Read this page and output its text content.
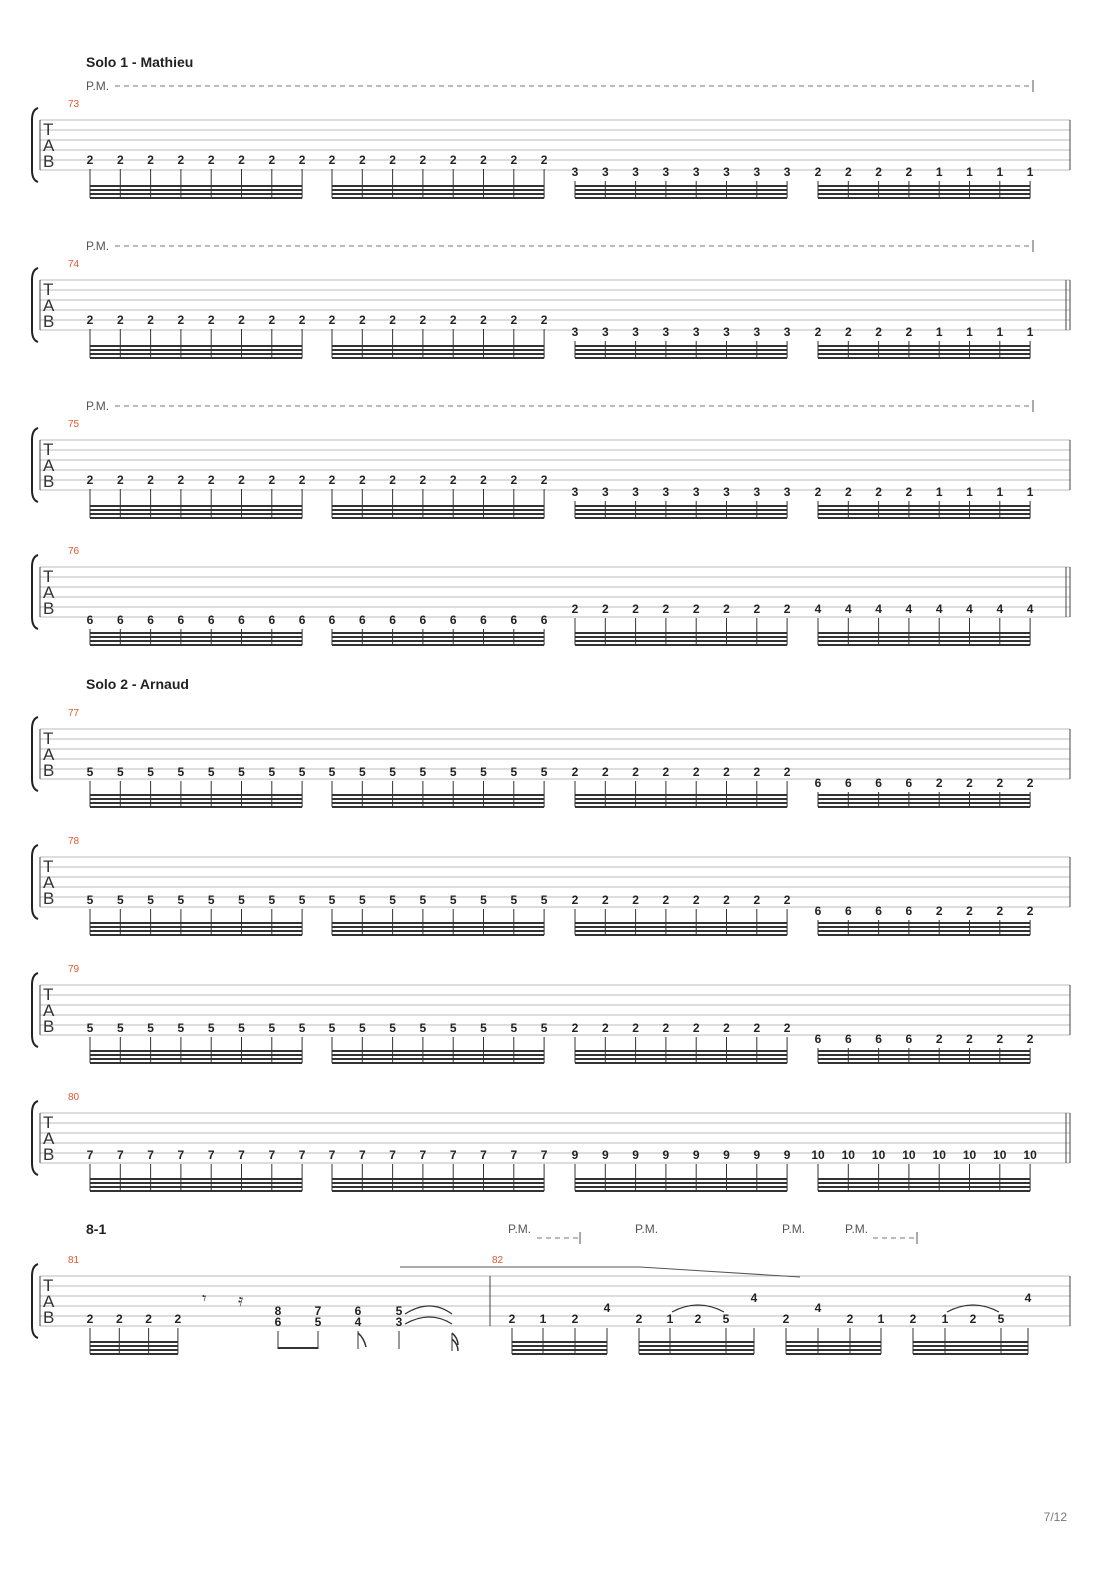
P.M.
73
T
A
B	2 2 2 2 2 2 2 2 2 2 2 2 2 2 2 2
3 3 3 3 3 3 3 3 2 2 2 2 1 1 1 1
P.M.
74
T
A
B	2 2 2 2 2 2 2 2 2 2 2 2 2 2 2 2
3 3 3 3 3 3 3 3 2 2 2 2 1 1 1 1
P.M.
75
T
A
B	2 2 2 2 2 2 2 2 2 2 2 2 2 2 2 2
3 3 3 3 3 3 3 3 2 2 2 2 1 1 1 1
76
T
A
B
6 6 6 6 6 6 6 6 6 6 6 6 6 6 6 6
2 2 2 2 2 2 2 2 4 4 4 4 4 4 4 4
77
T
A
B	5 5 5 5 5 5 5 5 5 5 5 5 5 5 5 5 2 2 2 2 2 2 2 2
6 6 6 6 2 2 2 2
78
T
A
B	5 5 5 5 5 5 5 5 5 5 5 5 5 5 5 5 2 2 2 2 2 2 2 2
6 6 6 6 2 2 2 2
79
T
A
B	5 5 5 5 5 5 5 5 5 5 5 5 5 5 5 5 2 2 2 2 2 2 2 2
6 6 6 6 2 2 2 2
80
T
A
B	7 7 7 7 7 7 7 7 7 7 7 7 7 7 7 7 9 9 9 9 9 9 9 9 10 10 10 10 10 10 10 10
Solo 1 - Mathieu
Solo 2 - Arnaud
8-1
T
A
B
81	82
P.M.	P.M.	P.M.	P.M.
2 2 2 2
𝄾 𝄿
8
6
7
5
6
4
5
3	2 1 2
4
2 1 2 5
4
2
4
2 1 2 1 2 5
4
7/12
